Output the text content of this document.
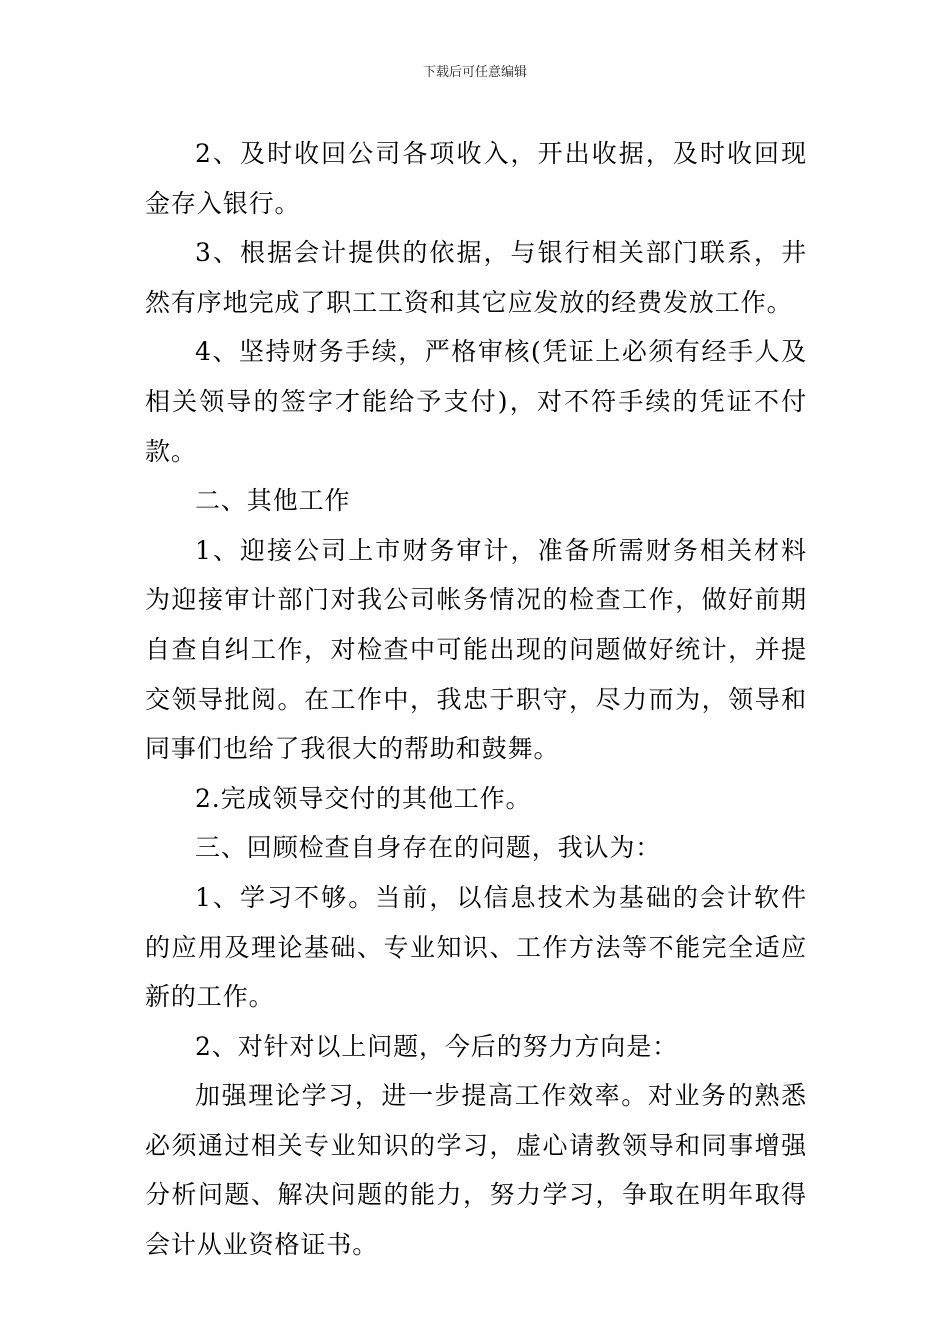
下载后可任意编辑

2、及时收回公司各项收入，开出收据，及时收回现金存入银行。

3、根据会计提供的依据，与银行相关部门联系，井然有序地完成了职工工资和其它应发放的经费发放工作。

4、坚持财务手续，严格审核(凭证上必须有经手人及相关领导的签字才能给予支付)，对不符手续的凭证不付款。

二、其他工作

1、迎接公司上市财务审计，准备所需财务相关材料为迎接审计部门对我公司帐务情况的检查工作，做好前期自查自纠工作，对检查中可能出现的问题做好统计，并提交领导批阅。在工作中，我忠于职守，尽力而为，领导和同事们也给了我很大的帮助和鼓舞。

2.完成领导交付的其他工作。

三、回顾检查自身存在的问题，我认为：

1、学习不够。当前，以信息技术为基础的会计软件的应用及理论基础、专业知识、工作方法等不能完全适应新的工作。

2、对针对以上问题，今后的努力方向是：

加强理论学习，进一步提高工作效率。对业务的熟悉必须通过相关专业知识的学习，虚心请教领导和同事增强分析问题、解决问题的能力，努力学习，争取在明年取得会计从业资格证书。
